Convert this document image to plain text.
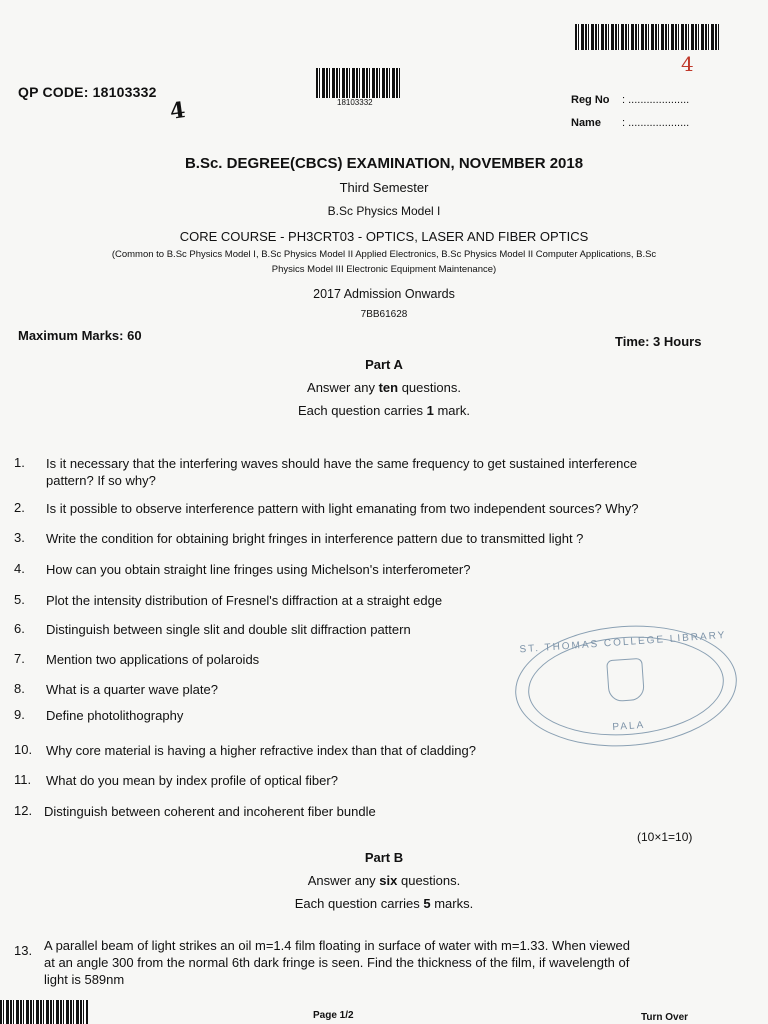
4
QP CODE: 18103332
4	18103332	Reg No : ....................
Name : ....................
B.Sc. DEGREE(CBCS) EXAMINATION, NOVEMBER 2018
Third Semester
B.Sc Physics Model I
CORE COURSE - PH3CRT03 - OPTICS, LASER AND FIBER OPTICS
(Common to B.Sc Physics Model I, B.Sc Physics Model II Applied Electronics, B.Sc Physics Model II Computer Applications, B.Sc
Physics Model III Electronic Equipment Maintenance)
2017 Admission Onwards
7BB61628
Maximum Marks: 60	Time: 3 Hours
Part A
Answer any ten questions.
Each question carries 1 mark.
1. Is it necessary that the interfering waves should have the same frequency to get sustained interference
pattern? If so why?
2. Is it possible to observe interference pattern with light emanating from two independent sources? Why?
3. Write the condition for obtaining bright fringes in interference pattern due to transmitted light ?
4. How can you obtain straight line fringes using Michelson's interferometer?
5. Plot the intensity distribution of Fresnel's diffraction at a straight edge
6. Distinguish between single slit and double slit diffraction pattern
7. Mention two applications of polaroids
8. What is a quarter wave plate?
9. Define photolithography
10. Why core material is having a higher refractive index than that of cladding?
11. What do you mean by index profile of optical fiber?
12. Distinguish between coherent and incoherent fiber bundle
(10×1=10)
ST. THOMAS COLLEGE LIBRARY
PALA
Part B
Answer any six questions.
Each question carries 5 marks.
13. A parallel beam of light strikes an oil m=1.4 film floating in surface of water with m=1.33. When viewed
at an angle 300 from the normal 6th dark fringe is seen. Find the thickness of the film, if wavelength of
light is 589nm
Page 1/2	Turn Over
